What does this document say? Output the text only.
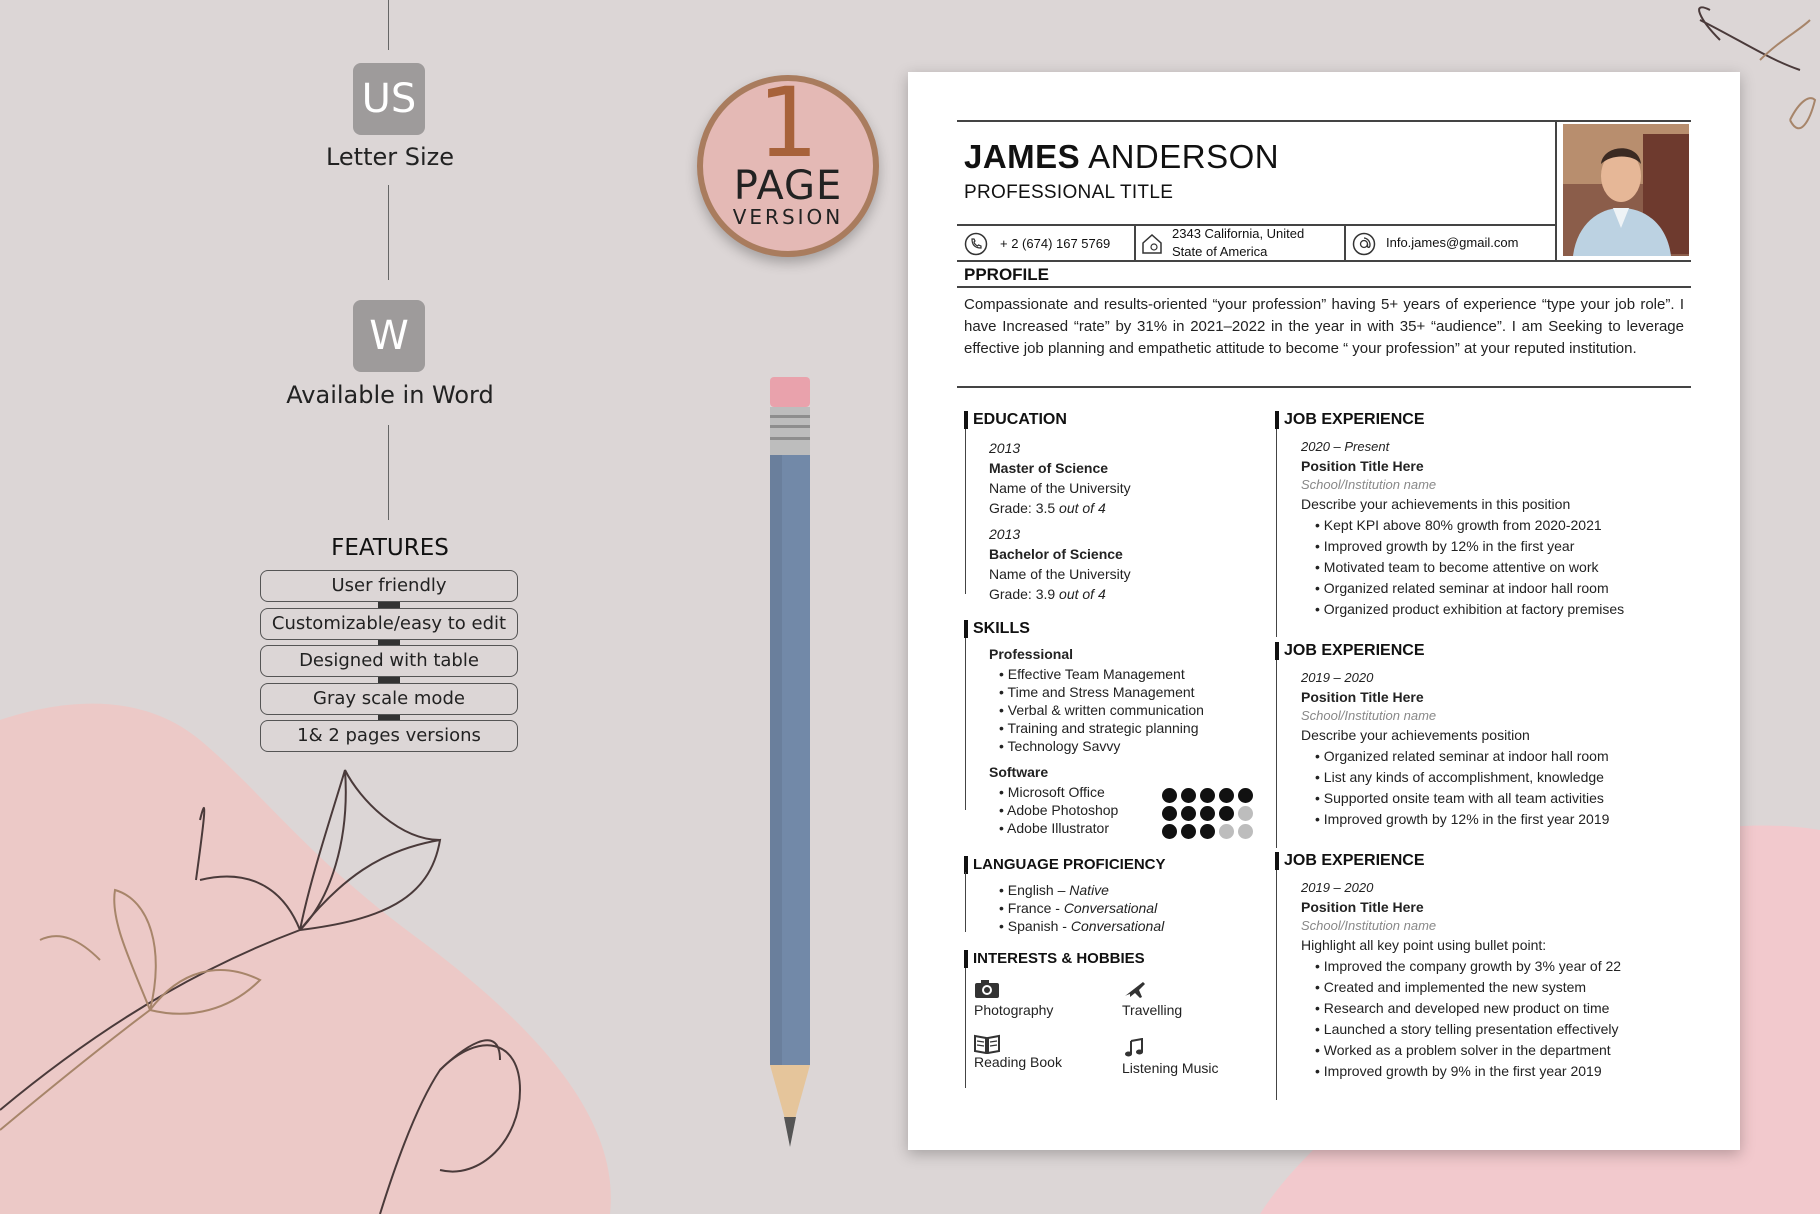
US
Letter Size
W
Available in Word
FEATURES
User friendly
Customizable/easy to edit
Designed with table
Gray scale mode
1& 2 pages versions
1
PAGE
VERSION
JAMES ANDERSON
PROFESSIONAL TITLE
+ 2 (674) 167 5769
2343 California, United
State of America
Info.james@gmail.com
PPROFILE
Compassionate and results-oriented “your profession” having 5+ years of experience “type your job role”. I have Increased “rate” by 31% in 2021–2022 in the year in with 35+ “audience”. I am Seeking to leverage effective job planning and empathetic attitude to become “ your profession” at your reputed institution.
EDUCATION
2013
Master of Science
Name of the University
Grade: 3.5 out of 4
2013
Bachelor of Science
Name of the University
Grade: 3.9 out of 4
SKILLS
Professional
• Effective Team Management
• Time and Stress Management
• Verbal & written communication
• Training and strategic planning
• Technology Savvy
Software
• Microsoft Office
• Adobe Photoshop
• Adobe Illustrator
LANGUAGE PROFICIENCY
• English – Native
• France - Conversational
• Spanish - Conversational
INTERESTS & HOBBIES
Photography	Travelling
Reading Book	Listening Music
JOB EXPERIENCE
2020 – Present
Position Title Here
School/Institution name
Describe your achievements in this position
• Kept KPI above 80% growth from 2020-2021
• Improved growth by 12% in the first year
• Motivated team to become attentive on work
• Organized related seminar at indoor hall room
• Organized product exhibition at factory premises
JOB EXPERIENCE
2019 – 2020
Position Title Here
School/Institution name
Describe your achievements position
• Organized related seminar at indoor hall room
• List any kinds of accomplishment, knowledge
• Supported onsite team with all team activities
• Improved growth by 12% in the first year 2019
JOB EXPERIENCE
2019 – 2020
Position Title Here
School/Institution name
Highlight all key point using bullet point:
• Improved the company growth by 3% year of 22
• Created and implemented the new system
• Research and developed new product on time
• Launched a story telling presentation effectively
• Worked as a problem solver in the department
• Improved growth by 9% in the first year 2019
